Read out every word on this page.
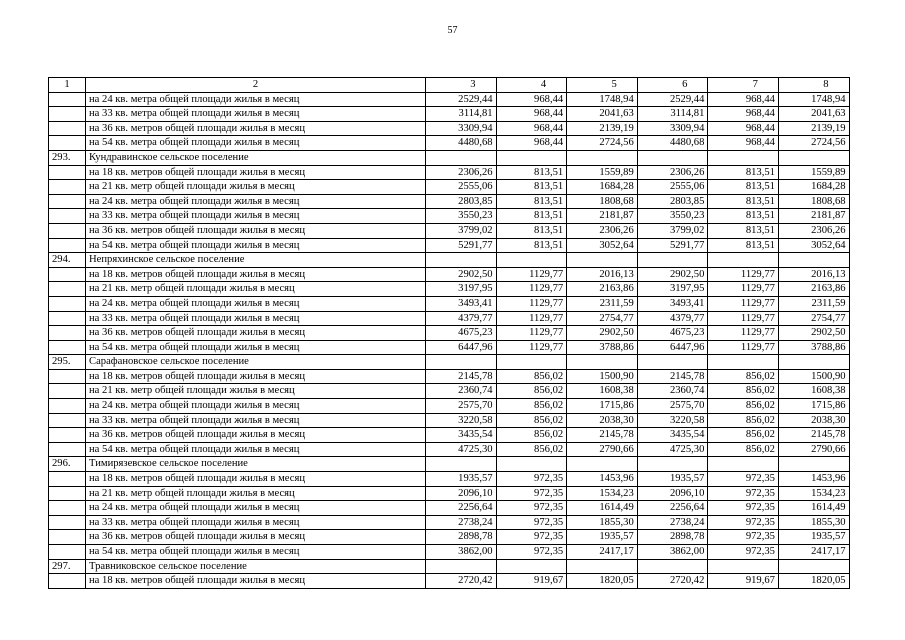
57
1	2	3	4	5	6	7	8
	на 24 кв. метра общей площади жилья в месяц	2529,44	968,44	1748,94	2529,44	968,44	1748,94
	на 33 кв. метра общей площади жилья в месяц	3114,81	968,44	2041,63	3114,81	968,44	2041,63
	на 36 кв. метров общей площади жилья в месяц	3309,94	968,44	2139,19	3309,94	968,44	2139,19
	на 54 кв. метра общей площади жилья в месяц	4480,68	968,44	2724,56	4480,68	968,44	2724,56
293.	Кундравинское сельское поселение						
	на 18 кв. метров общей площади жилья в месяц	2306,26	813,51	1559,89	2306,26	813,51	1559,89
	на 21 кв. метр общей площади жилья в месяц	2555,06	813,51	1684,28	2555,06	813,51	1684,28
	на 24 кв. метра общей площади жилья в месяц	2803,85	813,51	1808,68	2803,85	813,51	1808,68
	на 33 кв. метра общей площади жилья в месяц	3550,23	813,51	2181,87	3550,23	813,51	2181,87
	на 36 кв. метров общей площади жилья в месяц	3799,02	813,51	2306,26	3799,02	813,51	2306,26
	на 54 кв. метра общей площади жилья в месяц	5291,77	813,51	3052,64	5291,77	813,51	3052,64
294.	Непряхинское сельское поселение						
	на 18 кв. метров общей площади жилья в месяц	2902,50	1129,77	2016,13	2902,50	1129,77	2016,13
	на 21 кв. метр общей площади жилья в месяц	3197,95	1129,77	2163,86	3197,95	1129,77	2163,86
	на 24 кв. метра общей площади жилья в месяц	3493,41	1129,77	2311,59	3493,41	1129,77	2311,59
	на 33 кв. метра общей площади жилья в месяц	4379,77	1129,77	2754,77	4379,77	1129,77	2754,77
	на 36 кв. метров общей площади жилья в месяц	4675,23	1129,77	2902,50	4675,23	1129,77	2902,50
	на 54 кв. метра общей площади жилья в месяц	6447,96	1129,77	3788,86	6447,96	1129,77	3788,86
295.	Сарафановское сельское поселение						
	на 18 кв. метров общей площади жилья в месяц	2145,78	856,02	1500,90	2145,78	856,02	1500,90
	на 21 кв. метр общей площади жилья в месяц	2360,74	856,02	1608,38	2360,74	856,02	1608,38
	на 24 кв. метра общей площади жилья в месяц	2575,70	856,02	1715,86	2575,70	856,02	1715,86
	на 33 кв. метра общей площади жилья в месяц	3220,58	856,02	2038,30	3220,58	856,02	2038,30
	на 36 кв. метров общей площади жилья в месяц	3435,54	856,02	2145,78	3435,54	856,02	2145,78
	на 54 кв. метра общей площади жилья в месяц	4725,30	856,02	2790,66	4725,30	856,02	2790,66
296.	Тимирязевское сельское поселение						
	на 18 кв. метров общей площади жилья в месяц	1935,57	972,35	1453,96	1935,57	972,35	1453,96
	на 21 кв. метр общей площади жилья в месяц	2096,10	972,35	1534,23	2096,10	972,35	1534,23
	на 24 кв. метра общей площади жилья в месяц	2256,64	972,35	1614,49	2256,64	972,35	1614,49
	на 33 кв. метра общей площади жилья в месяц	2738,24	972,35	1855,30	2738,24	972,35	1855,30
	на 36 кв. метров общей площади жилья в месяц	2898,78	972,35	1935,57	2898,78	972,35	1935,57
	на 54 кв. метра общей площади жилья в месяц	3862,00	972,35	2417,17	3862,00	972,35	2417,17
297.	Травниковское сельское поселение						
	на 18 кв. метров общей площади жилья в месяц	2720,42	919,67	1820,05	2720,42	919,67	1820,05
